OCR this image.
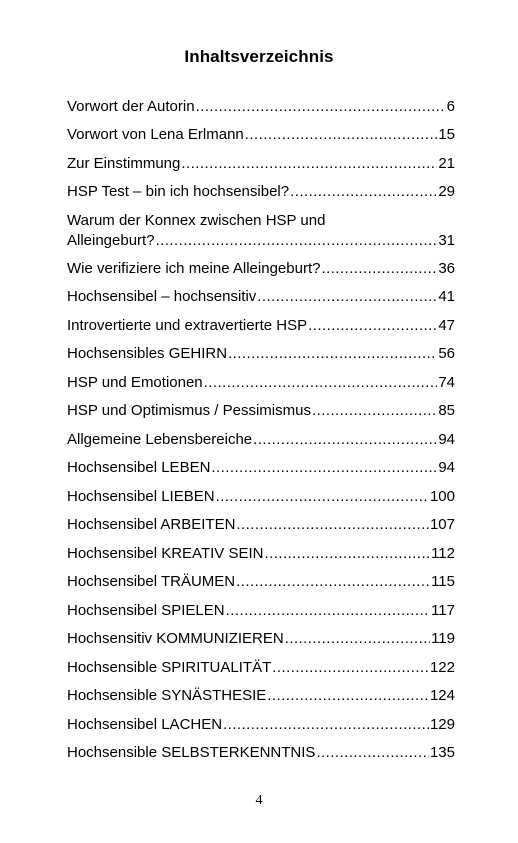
Inhaltsverzeichnis
Vorwort der Autorin .....	6
Vorwort von Lena Erlmann .....	15
Zur Einstimmung .....	21
HSP Test – bin ich hochsensibel? .....	29
Warum der Konnex zwischen HSP und
Alleingeburt? .....	31
Wie verifiziere ich meine Alleingeburt? .....	36
Hochsensibel – hochsensitiv .....	41
Introvertierte und extravertierte HSP .....	47
Hochsensibles GEHIRN .....	56
HSP und Emotionen .....	74
HSP und Optimismus / Pessimismus .....	85
Allgemeine Lebensbereiche .....	94
Hochsensibel LEBEN .....	94
Hochsensibel LIEBEN .....	100
Hochsensibel ARBEITEN .....	107
Hochsensibel KREATIV SEIN .....	112
Hochsensibel TRÄUMEN .....	115
Hochsensibel SPIELEN .....	117
Hochsensitiv KOMMUNIZIEREN .....	119
Hochsensible SPIRITUALITÄT .....	122
Hochsensible SYNÄSTHESIE .....	124
Hochsensibel LACHEN .....	129
Hochsensible SELBSTERKENNTNIS .....	135
4
